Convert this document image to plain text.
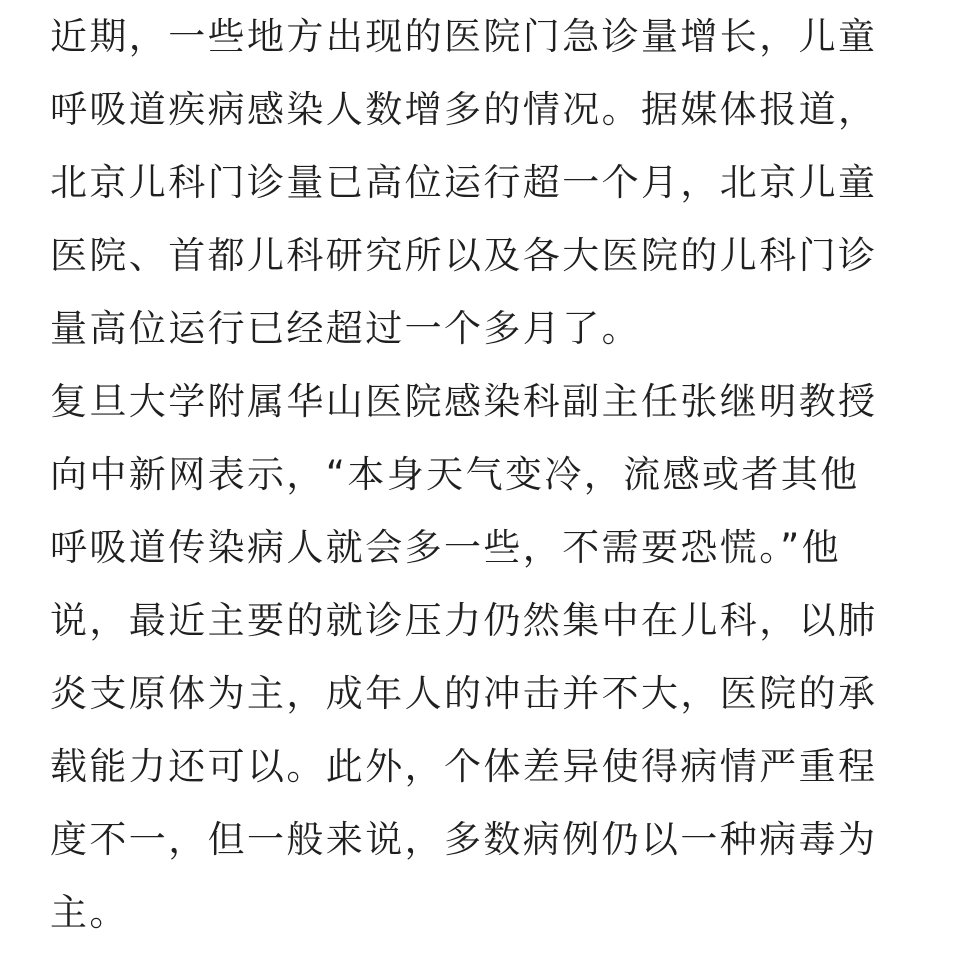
近期，一些地方出现的医院门急诊量增长，儿童
呼吸道疾病感染人数增多的情况。据媒体报道，
北京儿科门诊量已高位运行超一个月，北京儿童
医院、首都儿科研究所以及各大医院的儿科门诊
量高位运行已经超过一个多月了。
复旦大学附属华山医院感染科副主任张继明教授
向中新网表示，“本身天气变冷，流感或者其他
呼吸道传染病人就会多一些，不需要恐慌。”他
说，最近主要的就诊压力仍然集中在儿科，以肺
炎支原体为主，成年人的冲击并不大，医院的承
载能力还可以。此外，个体差异使得病情严重程
度不一，但一般来说，多数病例仍以一种病毒为
主。
